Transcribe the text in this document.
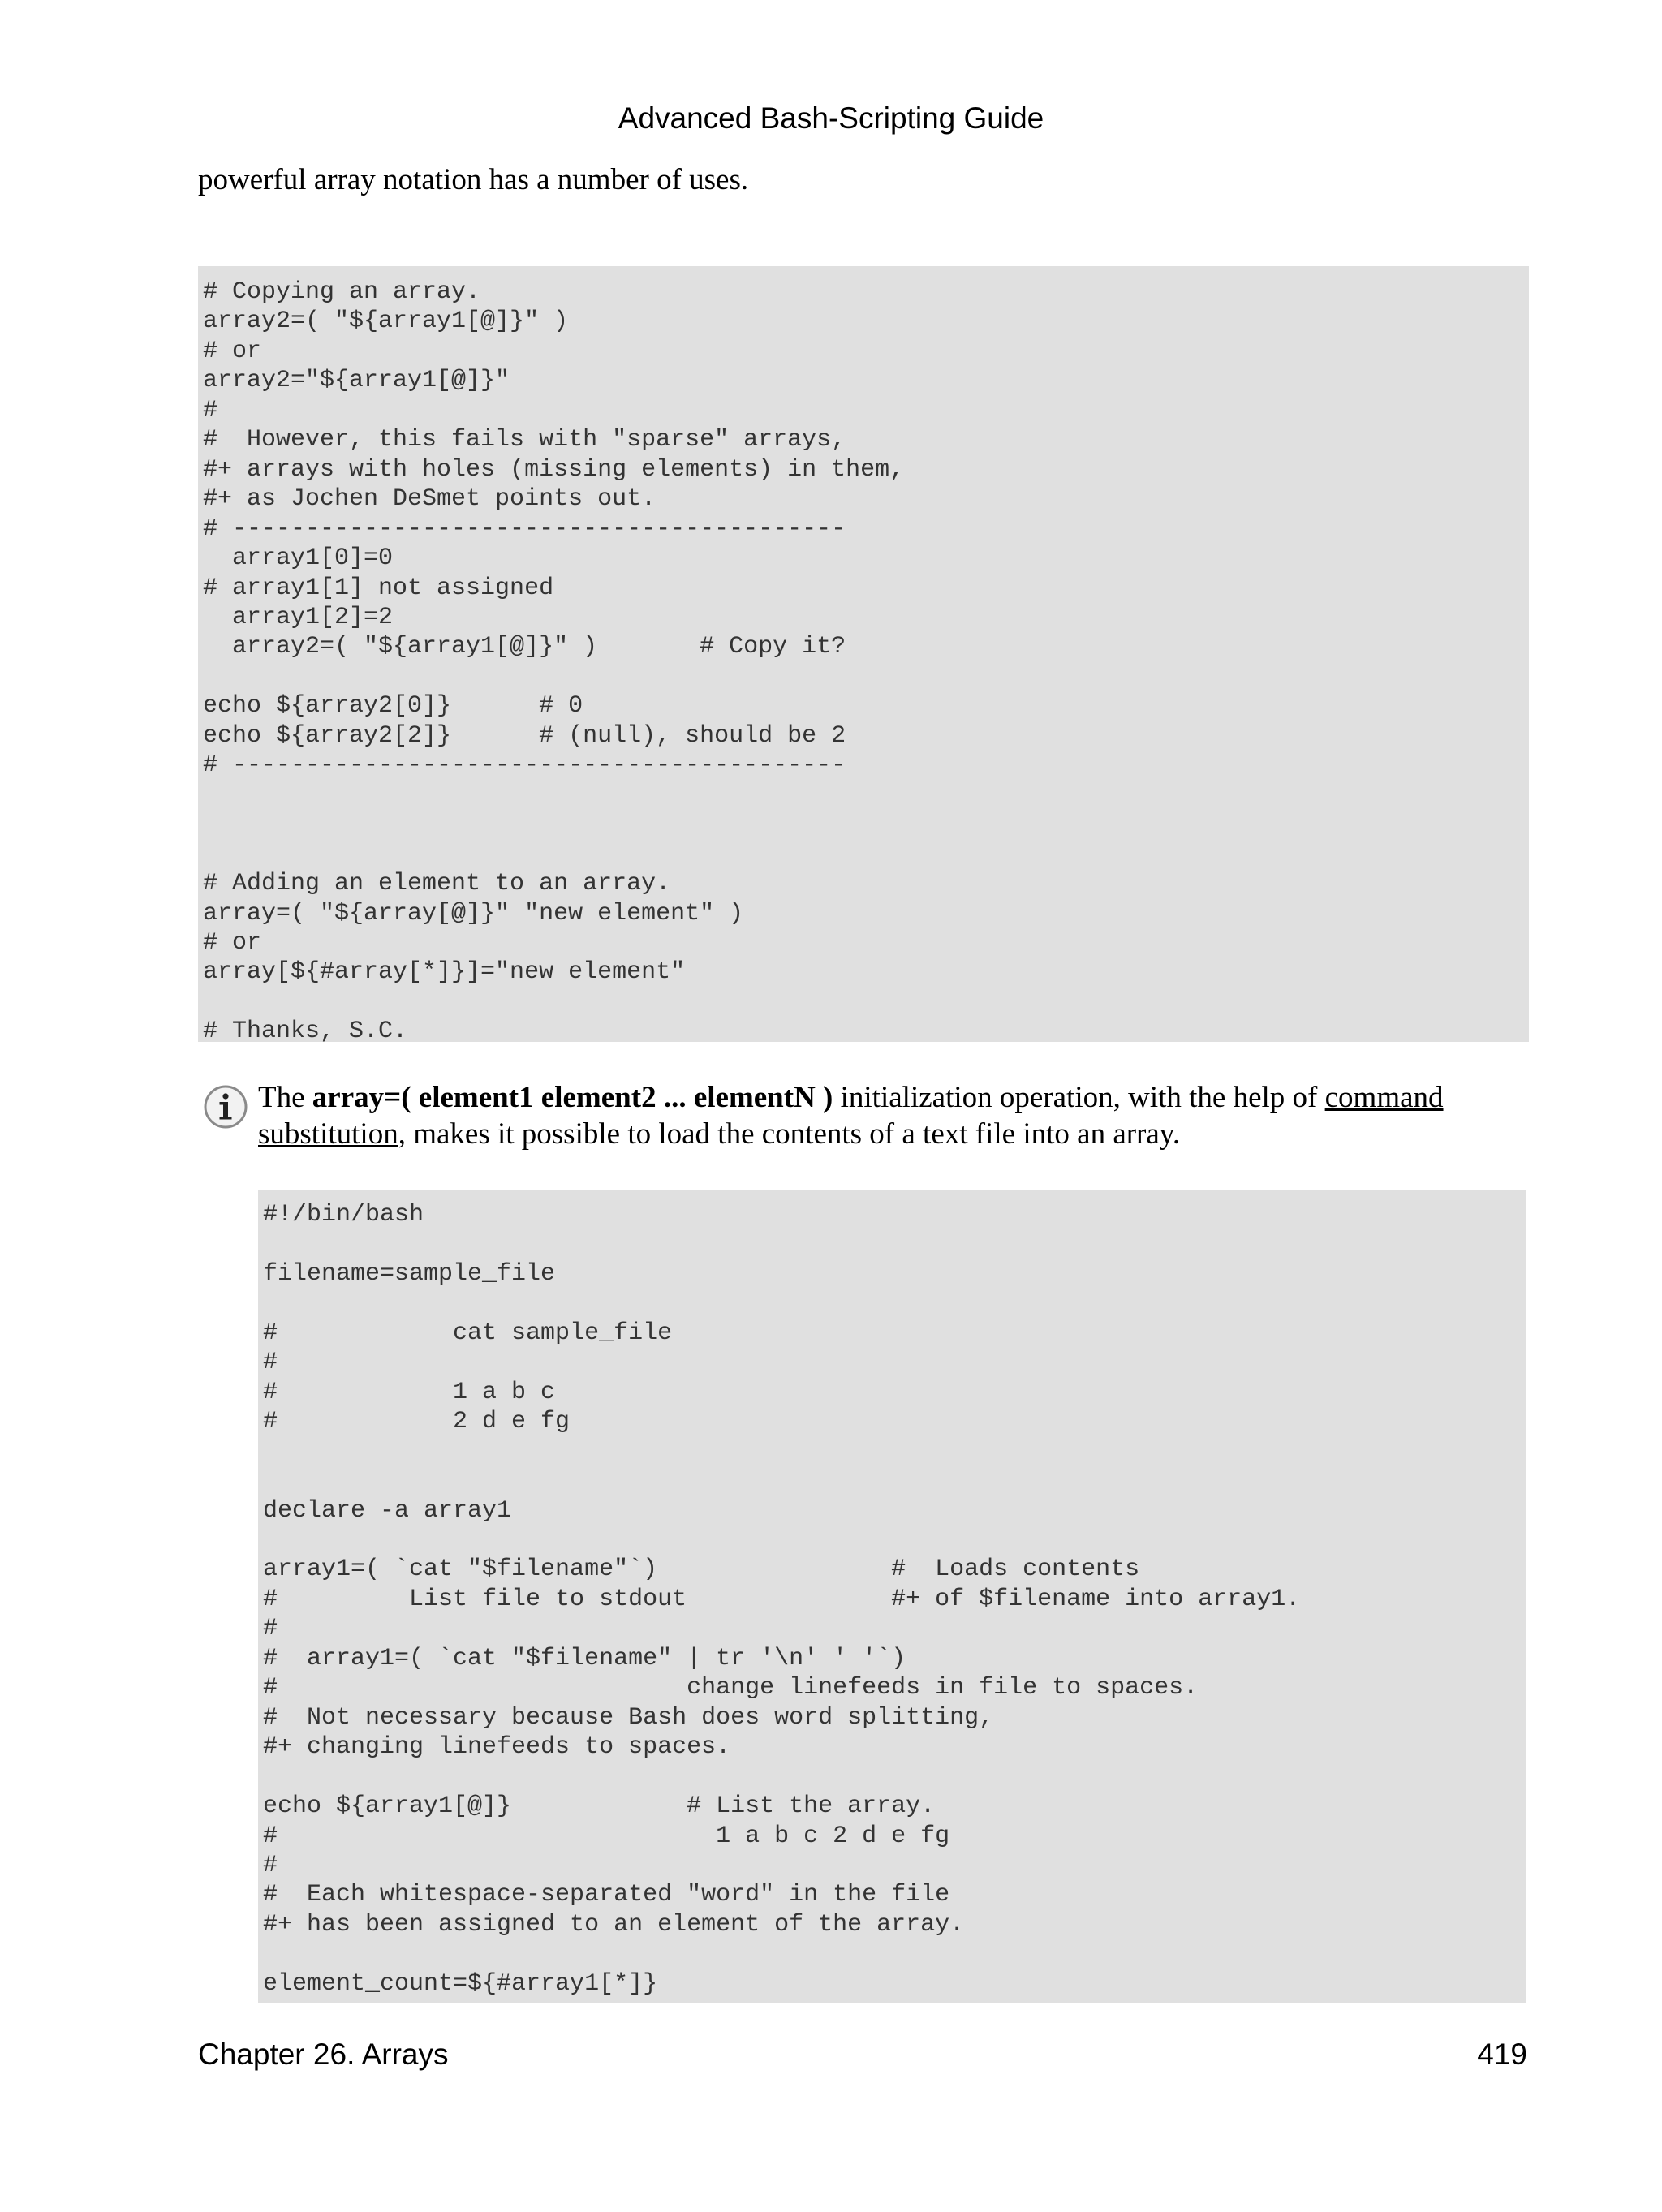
Advanced Bash-Scripting Guide

powerful array notation has a number of uses.

# Copying an array.
array2=( "${array1[@]}" )
# or
array2="${array1[@]}"
#
#  However, this fails with "sparse" arrays,
#+ arrays with holes (missing elements) in them,
#+ as Jochen DeSmet points out.
# ------------------------------------------
array1[0]=0
# array1[1] not assigned
array1[2]=2
array2=( "${array1[@]}" )       # Copy it?

echo ${array2[0]}      # 0
echo ${array2[2]}      # (null), should be 2
# ------------------------------------------

# Adding an element to an array.
array=( "${array[@]}" "new element" )
# or
array[${#array[*]}]="new element"

# Thanks, S.C.

The array=( element1 element2 ... elementN ) initialization operation, with the help of command substitution, makes it possible to load the contents of a text file into an array.

#!/bin/bash

filename=sample_file

#            cat sample_file
#
#            1 a b c
#            2 d e fg

declare -a array1

array1=( `cat "$filename"`)                #  Loads contents
#         List file to stdout              #+ of $filename into array1.
#
#  array1=( `cat "$filename" | tr '\n' ' '`)
#                            change linefeeds in file to spaces.
#  Not necessary because Bash does word splitting,
#+ changing linefeeds to spaces.

echo ${array1[@]}            # List the array.
#                              1 a b c 2 d e fg
#
#  Each whitespace-separated "word" in the file
#+ has been assigned to an element of the array.

element_count=${#array1[*]}
Chapter 26. Arrays	419
